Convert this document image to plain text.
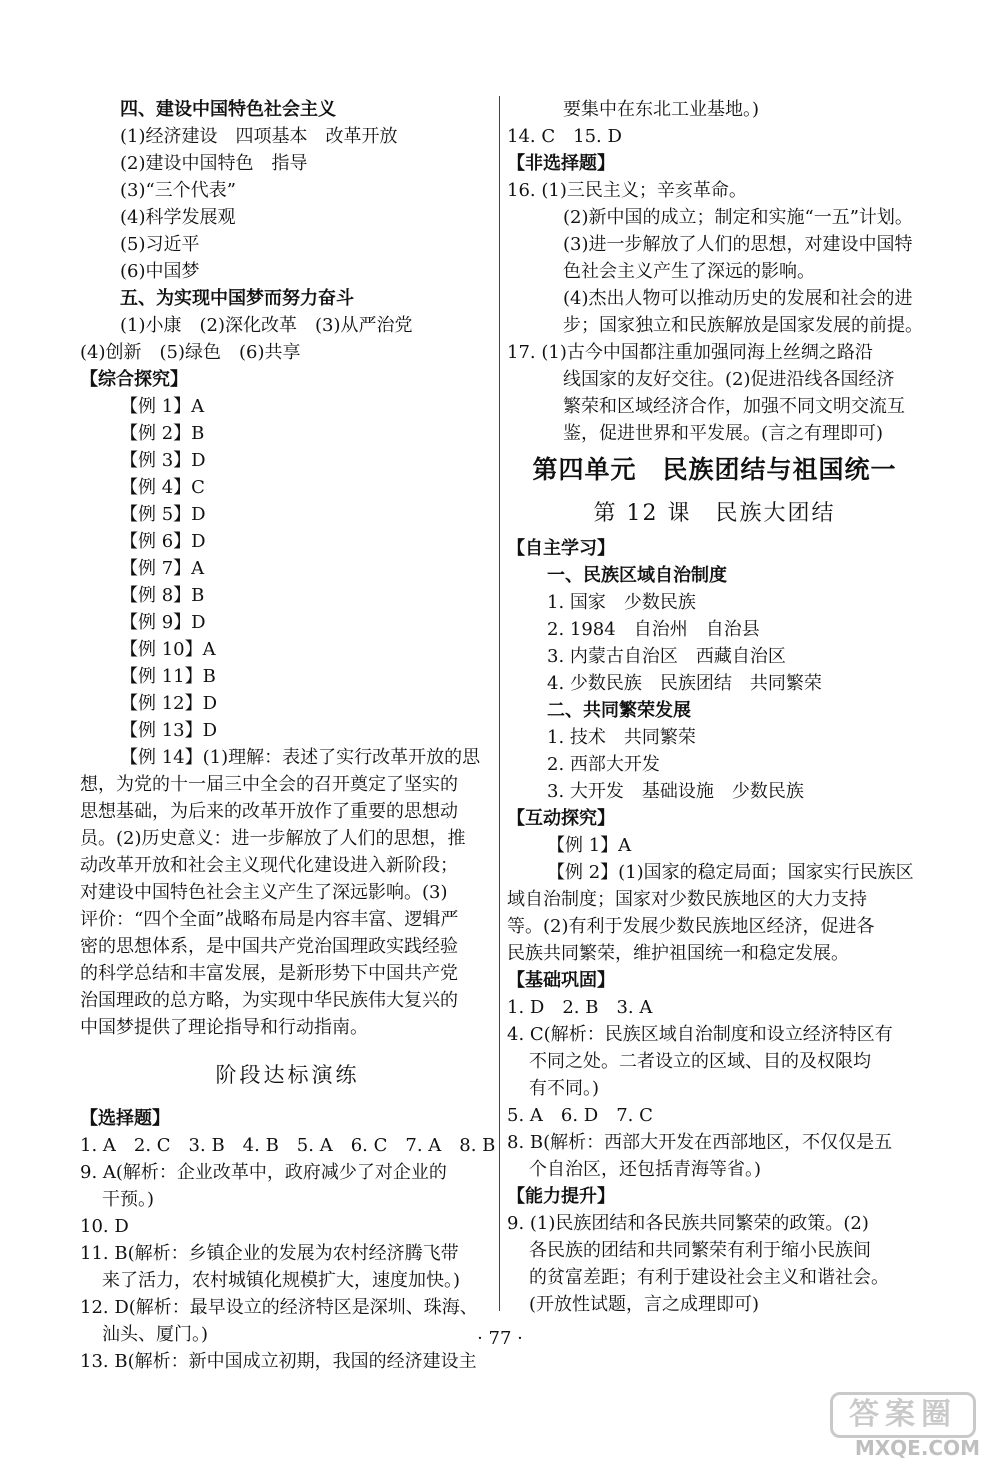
四、建设中国特色社会主义
(1)经济建设　四项基本　改革开放
(2)建设中国特色　指导
(3)“三个代表”
(4)科学发展观
(5)习近平
(6)中国梦
五、为实现中国梦而努力奋斗
(1)小康　(2)深化改革　(3)从严治党
(4)创新　(5)绿色　(6)共享
【综合探究】
【例 1】A
【例 2】B
【例 3】D
【例 4】C
【例 5】D
【例 6】D
【例 7】A
【例 8】B
【例 9】D
【例 10】A
【例 11】B
【例 12】D
【例 13】D
【例 14】(1)理解：表述了实行改革开放的思
想，为党的十一届三中全会的召开奠定了坚实的
思想基础，为后来的改革开放作了重要的思想动
员。(2)历史意义：进一步解放了人们的思想，推
动改革开放和社会主义现代化建设进入新阶段；
对建设中国特色社会主义产生了深远影响。(3)
评价：“四个全面”战略布局是内容丰富、逻辑严
密的思想体系，是中国共产党治国理政实践经验
的科学总结和丰富发展，是新形势下中国共产党
治国理政的总方略，为实现中华民族伟大复兴的
中国梦提供了理论指导和行动指南。
阶段达标演练
【选择题】
1. A　2. C　3. B　4. B　5. A　6. C　7. A　8. B
9. A(解析：企业改革中，政府减少了对企业的
干预。)
10. D
11. B(解析：乡镇企业的发展为农村经济腾飞带
来了活力，农村城镇化规模扩大，速度加快。)
12. D(解析：最早设立的经济特区是深圳、珠海、
汕头、厦门。)
13. B(解析：新中国成立初期，我国的经济建设主
要集中在东北工业基地。)
14. C　15. D
【非选择题】
16. (1)三民主义；辛亥革命。
(2)新中国的成立；制定和实施“一五”计划。
(3)进一步解放了人们的思想，对建设中国特
色社会主义产生了深远的影响。
(4)杰出人物可以推动历史的发展和社会的进
步；国家独立和民族解放是国家发展的前提。
17. (1)古今中国都注重加强同海上丝绸之路沿
线国家的友好交往。(2)促进沿线各国经济
繁荣和区域经济合作，加强不同文明交流互
鉴，促进世界和平发展。(言之有理即可)
第四单元　民族团结与祖国统一
第 12 课　民族大团结
【自主学习】
一、民族区域自治制度
1. 国家　少数民族
2. 1984　自治州　自治县
3. 内蒙古自治区　西藏自治区
4. 少数民族　民族团结　共同繁荣
二、共同繁荣发展
1. 技术　共同繁荣
2. 西部大开发
3. 大开发　基础设施　少数民族
【互动探究】
【例 1】A
【例 2】(1)国家的稳定局面；国家实行民族区
域自治制度；国家对少数民族地区的大力支持
等。(2)有利于发展少数民族地区经济，促进各
民族共同繁荣，维护祖国统一和稳定发展。
【基础巩固】
1. D　2. B　3. A
4. C(解析：民族区域自治制度和设立经济特区有
不同之处。二者设立的区域、目的及权限均
有不同。)
5. A　6. D　7. C
8. B(解析：西部大开发在西部地区，不仅仅是五
个自治区，还包括青海等省。)
【能力提升】
9. (1)民族团结和各民族共同繁荣的政策。(2)
各民族的团结和共同繁荣有利于缩小民族间
的贫富差距；有利于建设社会主义和谐社会。
(开放性试题，言之成理即可)
· 77 ·
答案圈
MXQE.COM
